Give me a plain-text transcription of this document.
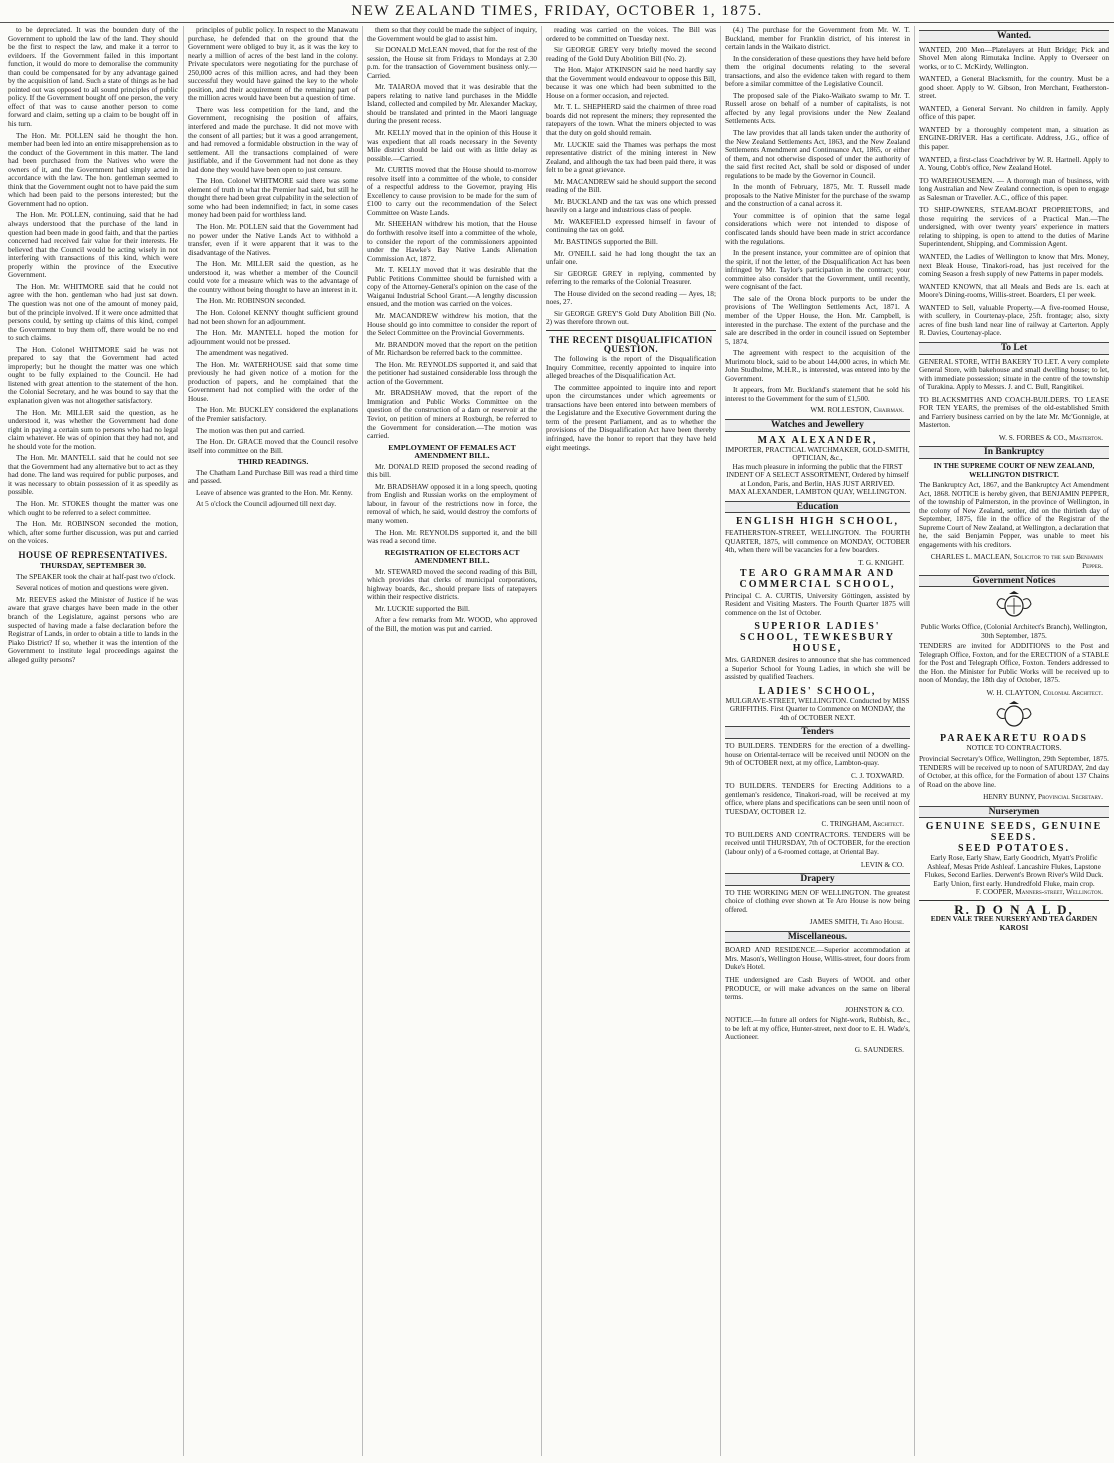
NEW ZEALAND TIMES, FRIDAY, OCTOBER 1, 1875.

to be depreciated. It was the bounden duty of the Government to uphold the law of the land. They should be the first to respect the law, and make it a terror to evildoers. If the Government failed in this important function, it would do more to demoralise the community than could be compensated for by any advantage gained by the acquisition of land. Such a state of things as he had pointed out was opposed to all sound principles of public policy. If the Government bought off one person, the very effect of that was to cause another person to come forward and claim, setting up a claim to be bought off in his turn.

The Hon. Mr. POLLEN said he thought the hon. member had been led into an entire misapprehension as to the conduct of the Government in this matter. The land had been purchased from the Natives who were the owners of it, and the Government had simply acted in accordance with the law. The hon. gentleman seemed to think that the Government ought not to have paid the sum which had been paid to the persons interested; but the Government had no option.

The Hon. Mr. POLLEN, continuing, said that he had always understood that the purchase of the land in question had been made in good faith, and that the parties concerned had received fair value for their interests. He believed that the Council would be acting wisely in not interfering with transactions of this kind, which were properly within the province of the Executive Government.

The Hon. Mr. WHITMORE said that he could not agree with the hon. gentleman who had just sat down. The question was not one of the amount of money paid, but of the principle involved. If it were once admitted that persons could, by setting up claims of this kind, compel the Government to buy them off, there would be no end to such claims.

The Hon. Colonel WHITMORE said he was not prepared to say that the Government had acted improperly; but he thought the matter was one which ought to be fully explained to the Council. He had listened with great attention to the statement of the hon. the Colonial Secretary, and he was bound to say that the explanation given was not altogether satisfactory.

The Hon. Mr. MILLER said the question, as he understood it, was whether the Government had done right in paying a certain sum to persons who had no legal claim whatever. He was of opinion that they had not, and he should vote for the motion.

The Hon. Mr. MANTELL said that he could not see that the Government had any alternative but to act as they had done. The land was required for public purposes, and it was necessary to obtain possession of it as speedily as possible.

The Hon. Mr. STOKES thought the matter was one which ought to be referred to a select committee.

The Hon. Mr. ROBINSON seconded the motion, which, after some further discussion, was put and carried on the voices.

HOUSE OF REPRESENTATIVES.
THURSDAY, SEPTEMBER 30.

The SPEAKER took the chair at half-past two o'clock.

Several notices of motion and questions were given.

Mr. REEVES asked the Minister of Justice if he was aware that grave charges have been made in the other branch of the Legislature, against persons who are suspected of having made a false declaration before the Registrar of Lands, in order to obtain a title to lands in the Piako District? If so, whether it was the intention of the Government to institute legal proceedings against the alleged guilty persons?

principles of public policy. In respect to the Manawatu purchase, he defended that on the ground that the Government were obliged to buy it, as it was the key to nearly a million of acres of the best land in the colony. Private speculators were negotiating for the purchase of 250,000 acres of this million acres, and had they been successful they would have gained the key to the whole position, and their acquirement of the remaining part of the million acres would have been but a question of time.

There was less competition for the land, and the Government, recognising the position of affairs, interfered and made the purchase. It did not move with the consent of all parties; but it was a good arrangement, and had removed a formidable obstruction in the way of settlement. All the transactions complained of were justifiable, and if the Government had not done as they had done they would have been open to just censure.

The Hon. Colonel WHITMORE said there was some element of truth in what the Premier had said, but still he thought there had been great culpability in the selection of some who had been indemnified; in fact, in some cases money had been paid for worthless land.

The Hon. Mr. POLLEN said that the Government had no power under the Native Lands Act to withhold a transfer, even if it were apparent that it was to the disadvantage of the Natives.

The Hon. Mr. MILLER said the question, as he understood it, was whether a member of the Council could vote for a measure which was to the advantage of the country without being thought to have an interest in it.

The Hon. Mr. ROBINSON seconded.

The Hon. Colonel KENNY thought sufficient ground had not been shown for an adjournment.

The Hon. Mr. MANTELL hoped the motion for adjournment would not be pressed.

The amendment was negatived.

The Hon. Mr. WATERHOUSE said that some time previously he had given notice of a motion for the production of papers, and he complained that the Government had not complied with the order of the House.

The Hon. Mr. BUCKLEY considered the explanations of the Premier satisfactory.

The motion was then put and carried.

The Hon. Dr. GRACE moved that the Council resolve itself into committee on the Bill.

THIRD READINGS.

The Chatham Land Purchase Bill was read a third time and passed.

Leave of absence was granted to the Hon. Mr. Kenny.

At 5 o'clock the Council adjourned till next day.

them so that they could be made the subject of inquiry, the Government would be glad to assist him.

Sir DONALD McLEAN moved, that for the rest of the session, the House sit from Fridays to Mondays at 2.30 p.m. for the transaction of Government business only.—Carried.

Mr. TAIAROA moved that it was desirable that the papers relating to native land purchases in the Middle Island, collected and compiled by Mr. Alexander Mackay, should be translated and printed in the Maori language during the present recess.

Mr. KELLY moved that in the opinion of this House it was expedient that all roads necessary in the Seventy Mile district should be laid out with as little delay as possible.—Carried.

Mr. CURTIS moved that the House should to-morrow resolve itself into a committee of the whole, to consider of a respectful address to the Governor, praying His Excellency to cause provision to be made for the sum of £100 to carry out the recommendation of the Select Committee on Waste Lands.

Mr. SHEEHAN withdrew his motion, that the House do forthwith resolve itself into a committee of the whole, to consider the report of the commissioners appointed under the Hawke's Bay Native Lands Alienation Commission Act, 1872.

Mr. T. KELLY moved that it was desirable that the Public Petitions Committee should be furnished with a copy of the Attorney-General's opinion on the case of the Waiganui Industrial School Grant.—A lengthy discussion ensued, and the motion was carried on the voices.

Mr. MACANDREW withdrew his motion, that the House should go into committee to consider the report of the Select Committee on the Provincial Governments.

Mr. BRANDON moved that the report on the petition of Mr. Richardson be referred back to the committee.

The Hon. Mr. REYNOLDS supported it, and said that the petitioner had sustained considerable loss through the action of the Government.

Mr. BRADSHAW moved, that the report of the Immigration and Public Works Committee on the question of the construction of a dam or reservoir at the Teviot, on petition of miners at Roxburgh, be referred to the Government for consideration.—The motion was carried.

EMPLOYMENT OF FEMALES ACT AMENDMENT BILL.

Mr. DONALD REID proposed the second reading of this bill.

Mr. BRADSHAW opposed it in a long speech, quoting from English and Russian works on the employment of labour, in favour of the restrictions now in force, the removal of which, he said, would destroy the comforts of many women.

The Hon. Mr. REYNOLDS supported it, and the bill was read a second time.

REGISTRATION OF ELECTORS ACT AMENDMENT BILL.

Mr. STEWARD moved the second reading of this Bill, which provides that clerks of municipal corporations, highway boards, &c., should prepare lists of ratepayers within their respective districts.

Mr. LUCKIE supported the Bill.

After a few remarks from Mr. WOOD, who approved of the Bill, the motion was put and carried.

reading was carried on the voices. The Bill was ordered to be committed on Tuesday next.

Sir GEORGE GREY very briefly moved the second reading of the Gold Duty Abolition Bill (No. 2).

The Hon. Major ATKINSON said he need hardly say that the Government would endeavour to oppose this Bill, because it was one which had been submitted to the House on a former occasion, and rejected.

Mr. T. L. SHEPHERD said the chairmen of three road boards did not represent the miners; they represented the ratepayers of the town. What the miners objected to was that the duty on gold should remain.

Mr. LUCKIE said the Thames was perhaps the most representative district of the mining interest in New Zealand, and although the tax had been paid there, it was felt to be a great grievance.

Mr. MACANDREW said he should support the second reading of the Bill.

Mr. BUCKLAND and the tax was one which pressed heavily on a large and industrious class of people.

Mr. WAKEFIELD expressed himself in favour of continuing the tax on gold.

Mr. BASTINGS supported the Bill.

Mr. O'NEILL said he had long thought the tax an unfair one.

Sir GEORGE GREY in replying, commented by referring to the remarks of the Colonial Treasurer.

The House divided on the second reading — Ayes, 18; noes, 27.

Sir GEORGE GREY'S Gold Duty Abolition Bill (No. 2) was therefore thrown out.

THE RECENT DISQUALIFICATION QUESTION.

The following is the report of the Disqualification Inquiry Committee, recently appointed to inquire into alleged breaches of the Disqualification Act.

The committee appointed to inquire into and report upon the circumstances under which agreements or transactions have been entered into between members of the Legislature and the Executive Government during the term of the present Parliament, and as to whether the provisions of the Disqualification Act have been thereby infringed, have the honor to report that they have held eight meetings.

(4.) The purchase for the Government from Mr. W. T. Buckland, member for Franklin district, of his interest in certain lands in the Waikato district.

In the consideration of these questions they have held before them the original documents relating to the several transactions, and also the evidence taken with regard to them before a similar committee of the Legislative Council.

The proposed sale of the Piako-Waikato swamp to Mr. T. Russell arose on behalf of a number of capitalists, is not affected by any legal provisions under the New Zealand Settlements Acts.

The law provides that all lands taken under the authority of the New Zealand Settlements Act, 1863, and the New Zealand Settlements Amendment and Continuance Act, 1865, or either of them, and not otherwise disposed of under the authority of the said first recited Act, shall be sold or disposed of under regulations to be made by the Governor in Council.

In the month of February, 1875, Mr. T. Russell made proposals to the Native Minister for the purchase of the swamp and the construction of a canal across it.

Your committee is of opinion that the same legal considerations which were not intended to dispose of confiscated lands should have been made in strict accordance with the regulations.

In the present instance, your committee are of opinion that the spirit, if not the letter, of the Disqualification Act has been infringed by Mr. Taylor's participation in the contract; your committee also consider that the Government, until recently, were cognisant of the fact.

The sale of the Orona block purports to be under the provisions of The Wellington Settlements Act, 1871. A member of the Upper House, the Hon. Mr. Campbell, is interested in the purchase. The extent of the purchase and the sale are described in the order in council issued on September 5, 1874.

The agreement with respect to the acquisition of the Murimotu block, said to be about 144,000 acres, in which Mr. John Studholme, M.H.R., is interested, was entered into by the Government.

It appears, from Mr. Buckland's statement that he sold his interest to the Government for the sum of £1,500.

WM. ROLLESTON, Chairman.
Watches and Jewellery
MAX ALEXANDER,
IMPORTER, PRACTICAL WATCHMAKER, GOLD-SMITH, OPTICIAN, &c.,
Has much pleasure in informing the public that the FIRST INDENT OF A SELECT ASSORTMENT, Ordered by himself at London, Paris, and Berlin, HAS JUST ARRIVED.
MAX ALEXANDER, LAMBTON QUAY, WELLINGTON.
Education
ENGLISH HIGH SCHOOL,
FEATHERSTON-STREET, WELLINGTON. The FOURTH QUARTER, 1875, will commence on MONDAY, OCTOBER 4th, when there will be vacancies for a few boarders.
T. G. KNIGHT.
TE ARO GRAMMAR AND COMMERCIAL SCHOOL,
Principal C. A. CURTIS, University Göttingen, assisted by Resident and Visiting Masters. The Fourth Quarter 1875 will commence on the 1st of October.
SUPERIOR LADIES' SCHOOL, TEWKESBURY HOUSE,
Mrs. GARDNER desires to announce that she has commenced a Superior School for Young Ladies, in which she will be assisted by qualified Teachers.
LADIES' SCHOOL,
MULGRAVE-STREET, WELLINGTON. Conducted by MISS GRIFFITHS. First Quarter to Commence on MONDAY, the 4th of OCTOBER NEXT.
Tenders
TO BUILDERS. TENDERS for the erection of a dwelling-house on Oriental-terrace will be received until NOON on the 9th of OCTOBER next, at my office, Lambton-quay.
C. J. TOXWARD.
TO BUILDERS. TENDERS for Erecting Additions to a gentleman's residence, Tinakori-road, will be received at my office, where plans and specifications can be seen until noon of TUESDAY, OCTOBER 12.
C. TRINGHAM, Architect.
TO BUILDERS AND CONTRACTORS. TENDERS will be received until THURSDAY, 7th of OCTOBER, for the erection (labour only) of a 6-roomed cottage, at Oriental Bay.
LEVIN & CO.
Drapery
TO THE WORKING MEN OF WELLINGTON. The greatest choice of clothing ever shown at Te Aro House is now being offered.
JAMES SMITH, Te Aro House.
Miscellaneous.
BOARD AND RESIDENCE.—Superior accommodation at Mrs. Mason's, Wellington House, Willis-street, four doors from Duke's Hotel.
THE undersigned are Cash Buyers of WOOL and other PRODUCE, or will make advances on the same on liberal terms.
JOHNSTON & CO.
NOTICE.—In future all orders for Night-work, Rubbish, &c., to be left at my office, Hunter-street, next door to E. H. Wade's, Auctioneer.
G. SAUNDERS.
Wanted.
WANTED, 200 Men—Platelayers at Hutt Bridge; Pick and Shovel Men along Rimutaka Incline. Apply to Overseer on works, or to C. McKirdy, Wellington.
WANTED, a General Blacksmith, for the country. Must be a good shoer. Apply to W. Gibson, Iron Merchant, Featherston-street.
WANTED, a General Servant. No children in family. Apply office of this paper.
WANTED by a thoroughly competent man, a situation as ENGINE-DRIVER. Has a certificate. Address, J.G., office of this paper.
WANTED, a first-class Coachdriver by W. R. Hartnell. Apply to A. Young, Cobb's office, New Zealand Hotel.
TO WAREHOUSEMEN. — A thorough man of business, with long Australian and New Zealand connection, is open to engage as Salesman or Traveller. A.C., office of this paper.
TO SHIP-OWNERS, STEAM-BOAT PROPRIETORS, and those requiring the services of a Practical Man.—The undersigned, with over twenty years' experience in matters relating to shipping, is open to attend to the duties of Marine Superintendent, Shipping, and Commission Agent.
WANTED, the Ladies of Wellington to know that Mrs. Money, next Bleak House, Tinakori-road, has just received for the coming Season a fresh supply of new Patterns in paper models.
WANTED KNOWN, that all Meals and Beds are 1s. each at Moore's Dining-rooms, Willis-street. Boarders, £1 per week.
WANTED to Sell, valuable Property.—A five-roomed House, with scullery, in Courtenay-place, 25ft. frontage; also, sixty acres of fine bush land near line of railway at Carterton. Apply R. Davies, Courtenay-place.
To Let
GENERAL STORE, WITH BAKERY TO LET. A very complete General Store, with bakehouse and small dwelling house; to let, with immediate possession; situate in the centre of the township of Turakina. Apply to Messrs. J. and C. Bull, Rangitikei.
TO BLACKSMITHS AND COACH-BUILDERS. TO LEASE FOR TEN YEARS, the premises of the old-established Smith and Farriery business carried on by the late Mr. Mc'Gonnigle, at Masterton.
W. S. FORBES & CO., Masterton.
In Bankruptcy
IN THE SUPREME COURT OF NEW ZEALAND, WELLINGTON DISTRICT.
The Bankruptcy Act, 1867, and the Bankruptcy Act Amendment Act, 1868. NOTICE is hereby given, that BENJAMIN PEPPER, of the township of Palmerston, in the province of Wellington, in the colony of New Zealand, settler, did on the thirtieth day of September, 1875, file in the office of the Registrar of the Supreme Court of New Zealand, at Wellington, a declaration that he, the said Benjamin Pepper, was unable to meet his engagements with his creditors.
CHARLES L. MACLEAN, Solicitor to the said Benjamin Pepper.
Government Notices
Public Works Office, (Colonial Architect's Branch), Wellington, 30th September, 1875.
TENDERS are invited for ADDITIONS to the Post and Telegraph Office, Foxton, and for the ERECTION of a STABLE for the Post and Telegraph Office, Foxton. Tenders addressed to the Hon. the Minister for Public Works will be received up to noon of Monday, the 18th day of October, 1875.
W. H. CLAYTON, Colonial Architect.
PARAEKARETU ROADS
NOTICE TO CONTRACTORS.
Provincial Secretary's Office, Wellington, 29th September, 1875. TENDERS will be received up to noon of SATURDAY, 2nd day of October, at this office, for the Formation of about 137 Chains of Road on the above line.
HENRY BUNNY, Provincial Secretary.
Nurserymen
GENUINE SEEDS, GENUINE SEEDS.
SEED POTATOES.
Early Rose, Early Shaw, Early Goodrich, Myatt's Prolific Ashleaf, Mesas Pride Ashleaf. Lancashire Flukes, Lapstone Flukes, Second Earlies. Derwent's Brown River's Wild Duck. Early Union, first early. Hundredfold Fluke, main crop.
F. COOPER, Manners-street, Wellington.
R. D O N A L D,
EDEN VALE TREE NURSERY AND TEA GARDEN KAROSI
